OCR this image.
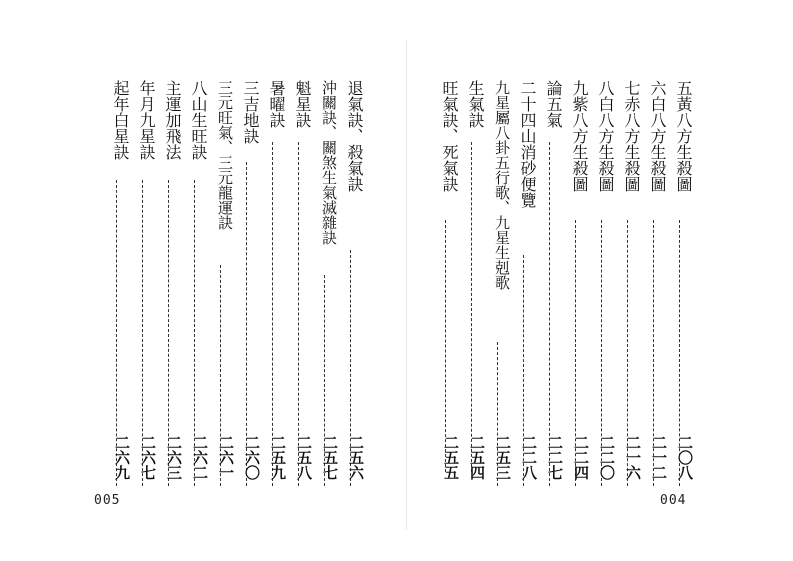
退氣訣、殺氣訣
二五六
沖關訣、關煞生氣滅雜訣
二五七
魁星訣
二五八
暑曜訣
二五九
三吉地訣
二六〇
三元旺氣、三元龍運訣
二六一
八山生旺訣
二六二
主運加飛法
二六三
年月九星訣
二六七
起年白星訣
二六九
005
五黃八方生殺圖
二〇八
六白八方生殺圖
二一二
七赤八方生殺圖
二一六
八白八方生殺圖
二二〇
九紫八方生殺圖
二二四
論五氣
二二七
二十四山消砂便覽
二二八
九星屬八卦五行歌、九星生剋歌
二五三
生氣訣
二五四
旺氣訣、死氣訣
二五五
004
